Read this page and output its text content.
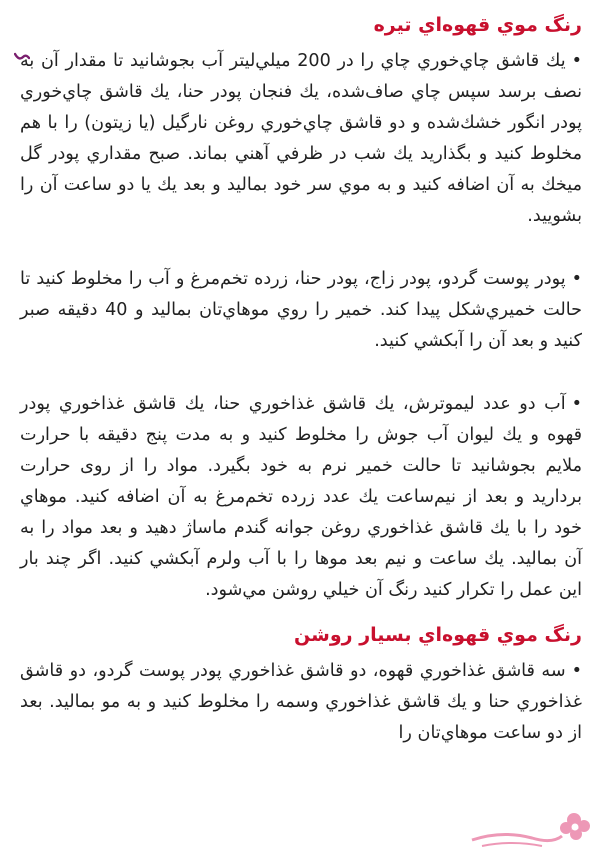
رنگ موي قهوه‌اي تيره

•يك قاشق چاي‌خوري چاي را در 200 ميلي‌ليتر آب بجوشانيد تا مقدار آن به نصف برسد سپس چاي صاف‌شده، يك فنجان پودر حنا، يك قاشق چاي‌خوري پودر انگور خشك‌شده و دو قاشق چاي‌خوري روغن نارگيل (يا زيتون) را با هم مخلوط كنيد و بگذاريد يك شب در ظرفي آهني بماند. صبح مقداري پودر گل ميخك به آن اضافه كنيد و به موي سر خود بماليد و بعد يك يا دو ساعت آن را بشوييد.

•پودر پوست گردو، پودر زاج، پودر حنا، زرده تخم‌مرغ و آب را مخلوط كنيد تا حالت خميري‌شكل پيدا كند. خمير را روي موهاي‌تان بماليد و 40 دقيقه صبر كنيد و بعد آن را آبكشي كنيد.

•آب دو عدد ليموترش، يك قاشق غذاخوري حنا، يك قاشق غذاخوري پودر قهوه و يك ليوان آب جوش را مخلوط كنيد و به مدت پنج دقيقه با حرارت ملايم بجوشانيد تا حالت خمير نرم به خود بگيرد. مواد را از روی حرارت برداريد و بعد از نيم‌ساعت يك عدد زرده تخم‌مرغ به آن اضافه كنيد. موهاي خود را با يك قاشق غذاخوري روغن جوانه گندم ماساژ دهيد و بعد مواد را به آن بماليد. يك ساعت و نيم بعد موها را با آب ولرم آبكشي كنيد. اگر چند بار اين عمل را تكرار كنيد رنگ آن خيلي روشن مي‌شود.

رنگ موي قهوه‌اي بسيار روشن

•سه قاشق غذاخوري قهوه، دو قاشق غذاخوري پودر پوست گردو، دو قاشق غذاخوري حنا و يك قاشق غذاخوري وسمه را مخلوط كنيد و به مو بماليد. بعد از دو ساعت موهاي‌تان را
